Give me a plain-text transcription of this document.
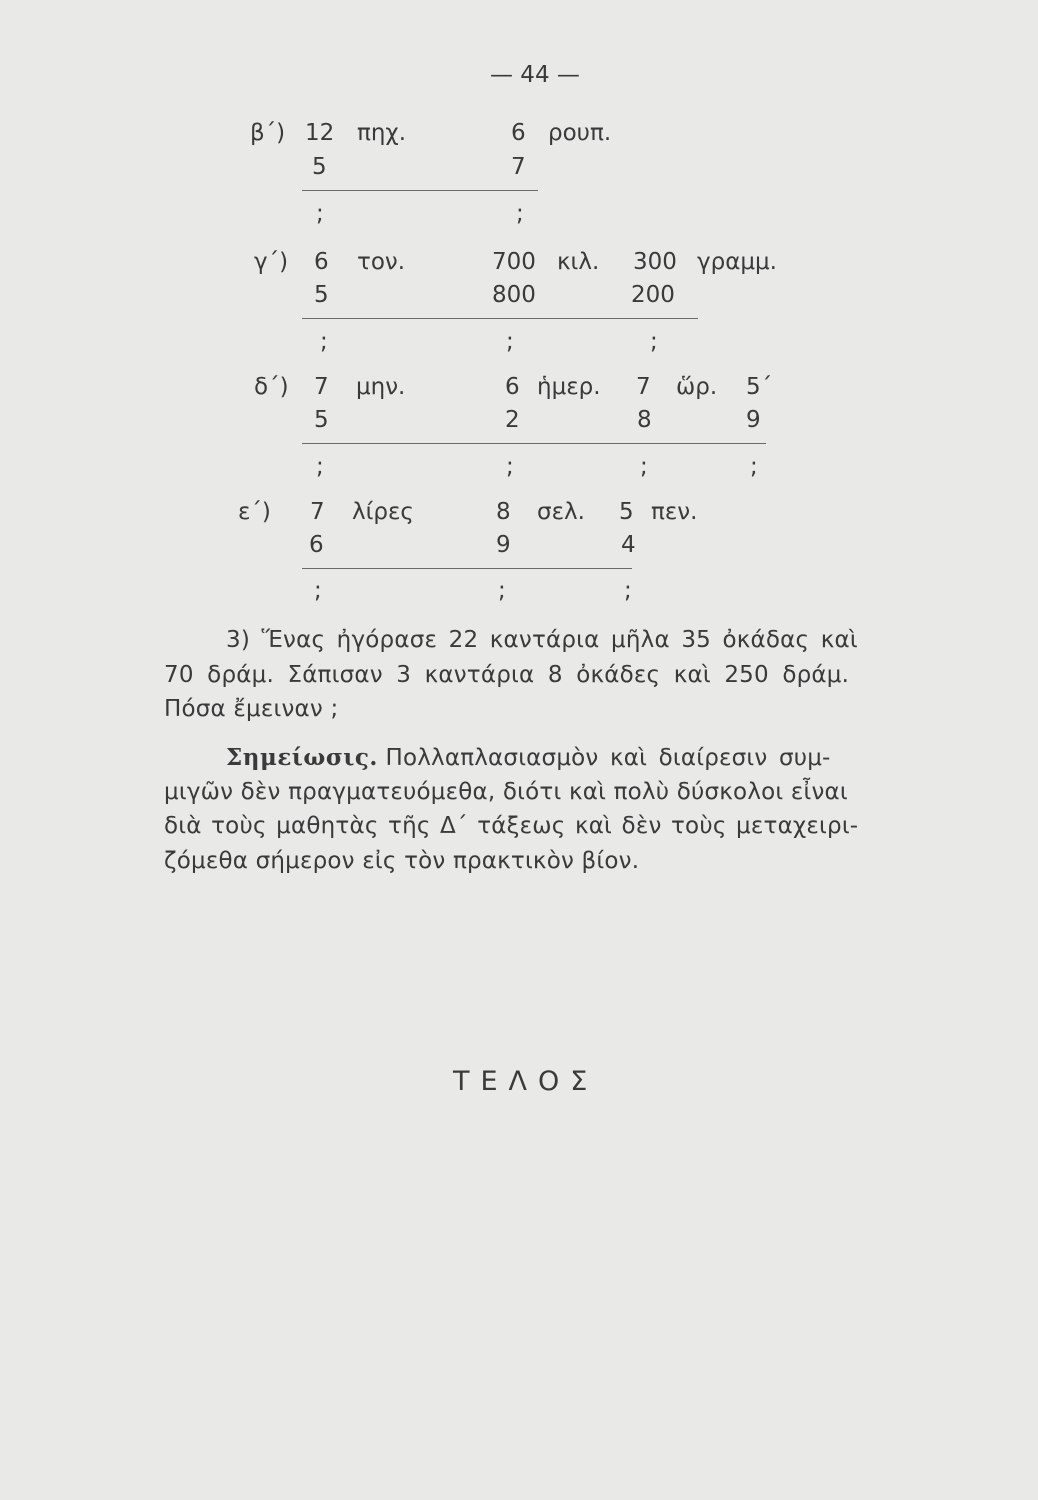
— 44 —
β΄) 12 πηχ.	6 ρουπ.
5	7
;	;
γ΄) 6 τον.	700 κιλ. 300 γραμμ.
5	800	200
;	;	;
δ΄) 7 μην.	6 ἡμερ. 7 ὥρ. 5΄
5	2	8	9
;	;	;	;
ε΄) 7 λίρες	8 σελ. 5 πεν.
6	9	4
;	;	;
3) Ἕνας ἠγόρασε 22 καντάρια μῆλα 35 ὀκάδας καὶ
70 δράμ. Σάπισαν 3 καντάρια 8 ὀκάδες καὶ 250 δράμ.
Πόσα ἔμειναν ;
Σημείωσις. Πολλαπλασιασμὸν καὶ διαίρεσιν συμ-
μιγῶν δὲν πραγματευόμεθα, διότι καὶ πολὺ δύσκολοι εἶναι
διὰ τοὺς μαθητὰς τῆς Δ΄ τάξεως καὶ δὲν τοὺς μεταχειρι-
ζόμεθα σήμερον εἰς τὸν πρακτικὸν βίον.
ΤΕΛΟΣ
